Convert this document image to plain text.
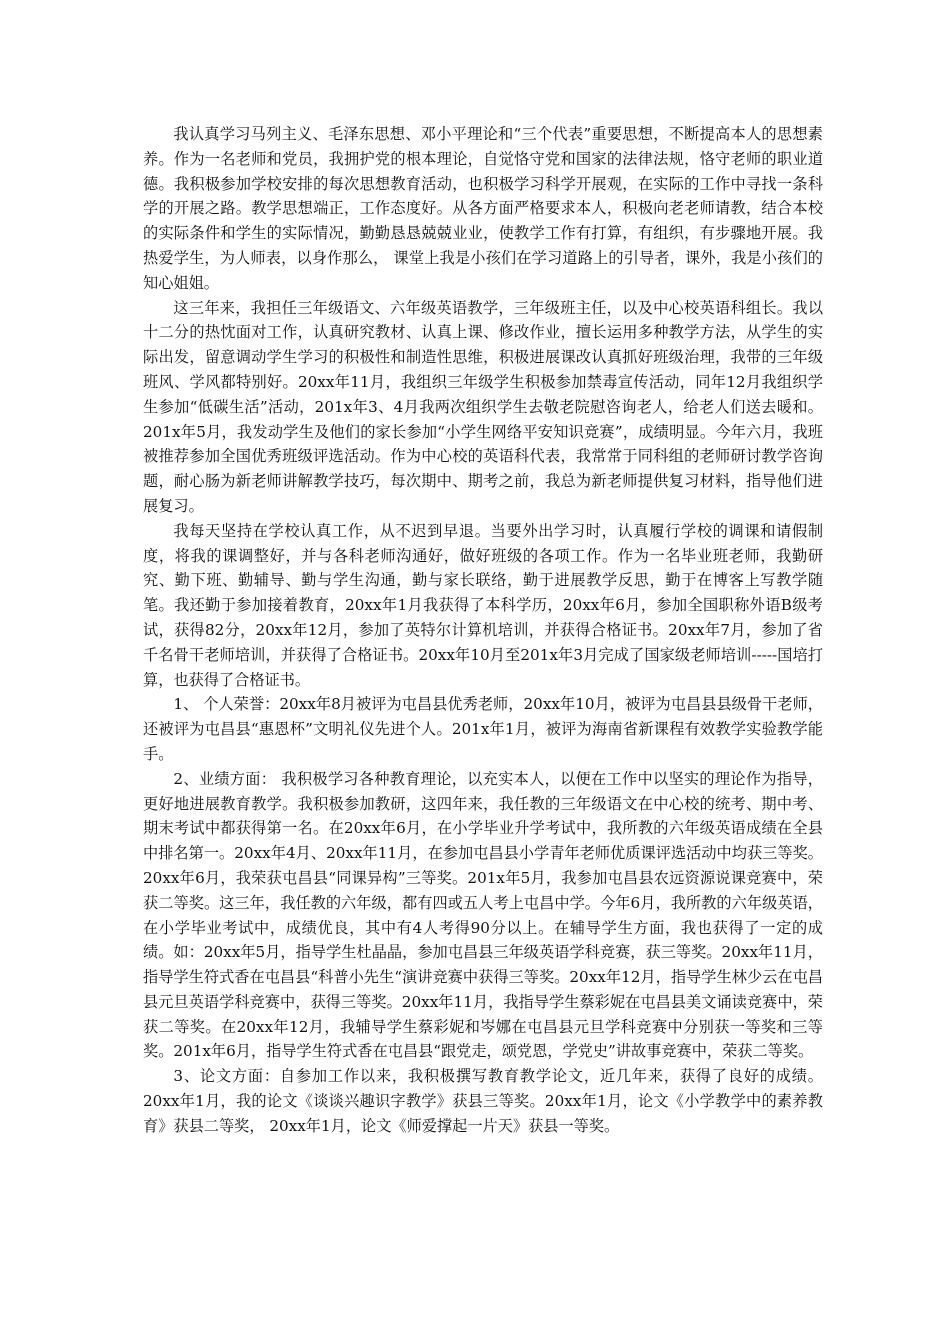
我认真学习马列主义、毛泽东思想、邓小平理论和“三个代表”重要思想，不断提高本人的思想素养。作为一名老师和党员，我拥护党的根本理论，自觉恪守党和国家的法律法规，恪守老师的职业道德。我积极参加学校安排的每次思想教育活动，也积极学习科学开展观，在实际的工作中寻找一条科学的开展之路。教学思想端正，工作态度好。从各方面严格要求本人，积极向老老师请教，结合本校的实际条件和学生的实际情况，勤勤恳恳兢兢业业，使教学工作有打算，有组织，有步骤地开展。我热爱学生，为人师表，以身作那么， 课堂上我是小孩们在学习道路上的引导者，课外，我是小孩们的知心姐姐。

这三年来，我担任三年级语文、六年级英语教学，三年级班主任，以及中心校英语科组长。我以十二分的热忱面对工作，认真研究教材、认真上课、修改作业，擅长运用多种教学方法，从学生的实际出发，留意调动学生学习的积极性和制造性思维，积极进展课改认真抓好班级治理，我带的三年级班风、学风都特别好。20xx年11月，我组织三年级学生积极参加禁毒宣传活动，同年12月我组织学生参加“低碳生活”活动，201x年3、4月我两次组织学生去敬老院慰咨询老人，给老人们送去暖和。201x年5月，我发动学生及他们的家长参加“小学生网络平安知识竞赛”，成绩明显。今年六月，我班被推荐参加全国优秀班级评选活动。作为中心校的英语科代表，我常常于同科组的老师研讨教学咨询题，耐心肠为新老师讲解教学技巧，每次期中、期考之前，我总为新老师提供复习材料，指导他们进展复习。

我每天坚持在学校认真工作，从不迟到早退。当要外出学习时，认真履行学校的调课和请假制度，将我的课调整好，并与各科老师沟通好，做好班级的各项工作。作为一名毕业班老师，我勤研究、勤下班、勤辅导、勤与学生沟通，勤与家长联络，勤于进展教学反思，勤于在博客上写教学随笔。我还勤于参加接着教育，20xx年1月我获得了本科学历，20xx年6月，参加全国职称外语B级考试，获得82分，20xx年12月，参加了英特尔计算机培训，并获得合格证书。20xx年7月，参加了省千名骨干老师培训，并获得了合格证书。20xx年10月至201x年3月完成了国家级老师培训-----国培打算，也获得了合格证书。

1、 个人荣誉：20xx年8月被评为屯昌县优秀老师，20xx年10月，被评为屯昌县县级骨干老师，还被评为屯昌县“惠恩杯”文明礼仪先进个人。201x年1月，被评为海南省新课程有效教学实验教学能手。

2、业绩方面： 我积极学习各种教育理论，以充实本人，以便在工作中以坚实的理论作为指导，更好地进展教育教学。我积极参加教研，这四年来，我任教的三年级语文在中心校的统考、期中考、期末考试中都获得第一名。在20xx年6月，在小学毕业升学考试中，我所教的六年级英语成绩在全县中排名第一。20xx年4月、20xx年11月，在参加屯昌县小学青年老师优质课评选活动中均获三等奖。20xx年6月，我荣获屯昌县“同课异构”三等奖。201x年5月，我参加屯昌县农远资源说课竞赛中，荣获二等奖。这三年，我任教的六年级，都有四或五人考上屯昌中学。今年6月，我所教的六年级英语，在小学毕业考试中，成绩优良，其中有4人考得90分以上。在辅导学生方面，我也获得了一定的成绩。如：20xx年5月，指导学生杜晶晶，参加屯昌县三年级英语学科竞赛，获三等奖。20xx年11月，指导学生符式香在屯昌县“科普小先生“演讲竞赛中获得三等奖。20xx年12月，指导学生林少云在屯昌县元旦英语学科竞赛中，获得三等奖。20xx年11月，我指导学生蔡彩妮在屯昌县美文诵读竞赛中，荣获二等奖。在20xx年12月，我辅导学生蔡彩妮和岑娜在屯昌县元旦学科竞赛中分别获一等奖和三等奖。201x年6月，指导学生符式香在屯昌县“跟党走，颂党恩，学党史”讲故事竞赛中，荣获二等奖。

3、论文方面：自参加工作以来，我积极撰写教育教学论文，近几年来，获得了良好的成绩。20xx年1月，我的论文《谈谈兴趣识字教学》获县三等奖。20xx年1月，论文《小学教学中的素养教育》获县二等奖， 20xx年1月，论文《师爱撑起一片天》获县一等奖。
